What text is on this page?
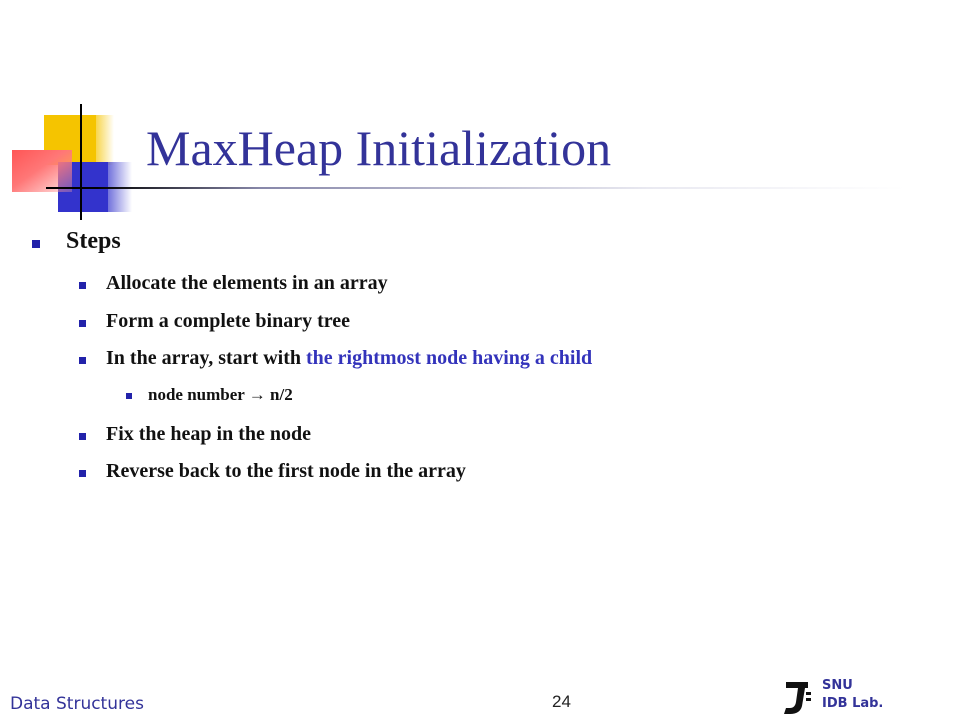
MaxHeap Initialization
Steps
Allocate the elements in an array
Form a complete binary tree
In the array, start with the rightmost node having a child
node number → n/2
Fix the heap in the node
Reverse back to the first node in the array
Data Structures	24
SNU
IDB Lab.
